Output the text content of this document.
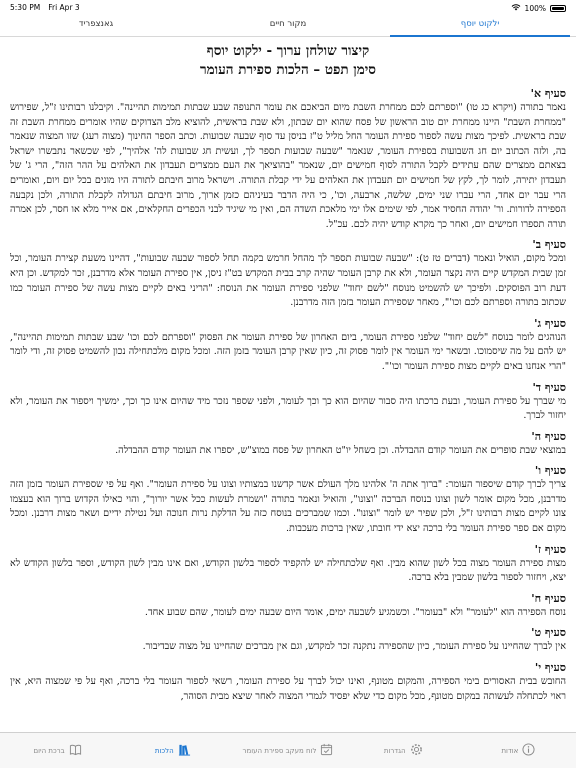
5:30 PM Fri Apr 3	100%
ילקוט יוסף
מקור חיים
גאנצפריד
קיצור שולחן ערוך - ילקוט יוסף
סימן תפט – הלכות ספירת העומר
סעיף א'
נאמר בתורה (ויקרא כג טו) "וספרתם לכם ממחרת השבת מיום הביאכם את עומר התנופה שבע שבתות תמימות תהיינה". וקיבלנו רבותינו ז"ל, שפירוש "ממחרת השבת" היינו ממחרת יום טוב הראשון של פסח שהוא יום שבתון, ולא שבת בראשית, להוציא מלב הצדוקים שהיו אומרים ממחרת השבת זה שבת בראשית. לפיכך מצות עשה לספור ספירת העומר החל מליל ט"ז בניסן עד סוף שבעה שבועות. וכתב הספר החינוך (מצוה רעג) שזו המצוה שנאמר בה, ולזה הכתוב יום חג השבועות בספירת העומר, שנאמר "שבעה שבועות תספר לך, ועשית חג שבועות לה' אלהיך", לפי שכשאר נתבשרו ישראל בצאתם ממצרים שהם עתידים לקבל התורה לסוף חמישים יום, שנאמר "בהוציאך את העם ממצרים תעבדון את האלהים על ההר הזה", הרי ג' של תעבדון יתירה, לומר לך, לקץ של חמישים יום תעבדון את האלהים על ידי קבלת התורה. וישראל מרוב חיבתם לתורה היו מונים בכל יום ויום, ואומרים הרי עבר יום אחד, הרי עברו שני ימים, שלשה, ארבעה, וכו', כי היה הדבר בעיניהם כזמן ארוך, מרוב חיבתם הגדולה לקבלת התורה, ולכן נקבעה הספירה לדורות. ור' יהודה החסיד אמר, לפי שימים אלו ימי מלאכת השדה הם, ואין מי שיגיד לבני הכפרים החקלאים, אם אייר מלא או חסר, לכן אמרה תורה תספרו חמישים יום, ואחר כך מקרא קודש יהיה לכם. עכ"ל.
סעיף ב'
ומכל מקום, הואיל ונאמר (דברים טז ט): "שבעה שבועות תספר לך מהחל חרמש בקמה תחל לספור שבעה שבועות", דהיינו משעת קצירת העומר, וכל זמן שבית המקדש קיים היה נקצר העומר, ולא את קרבן העומר שהיה קרב בבית המקדש בט"ז ניסן, אין ספירת העומר אלא מדרבנן, זכר למקדש. וכן היא דעת רוב הפוסקים. ולפיכך יש להשמיט מנוסח "לשם יחוד" שלפני ספירת העומר את הנוסח: "הריני באים לקיים מצות עשה של ספירת העומר כמו שכתוב בתורה וספרתם לכם וכו'", מאחר שספירת העומר בזמן הזה מדרבנן.
סעיף ג'
הנוהגים לומר בנוסח "לשם יחוד" שלפני ספירת העומר, ביום האחרון של ספירת העומר את הפסוק "וספרתם לכם וכו' שבע שבתות תמימות תהיינה", יש להם על מה שיסמוכו. ובשאר ימי העומר אין לומר פסוק זה, כיון שאין קרבן העומר בזמן הזה. ומכל מקום מלכתחילה נכון להשמיט פסוק זה, ודי לומר "הרי אנחנו באים לקיים מצות ספירת העומר וכו'".
סעיף ד'
מי שברך על ספירת העומר, ובעת ברכתו היה סבור שהיום הוא כך וכך לעומר, ולפני שספר נזכר מיד שהיום אינו כך וכך, ימשיך ויספור את העומר, ולא יחזור לברך.
סעיף ה'
במוצאי שבת סופרים את העומר קודם ההבדלה. וכן כשחל יו"ט האחרון של פסח במוצ"ש, יספרו את העומר קודם ההבדלה.
סעיף ו'
צריך לברך קודם שיספור העומר: "ברוך אתה ה' אלהינו מלך העולם אשר קדשנו במצותיו וצונו על ספירת העומר". ואף על פי שספירת העומר בזמן הזה מדרבנן, מכל מקום אומר לשון וצונו בנוסח הברכה "וצונו", והואיל ונאמר בתורה "ושמרת לעשות ככל אשר יורוך", והוי כאילו הקדוש ברוך הוא בעצמו צונו לקיים מצות רבותינו ז"ל, ולכן שפיר יש לומר "וצונו". וכמו שמברכים בנוסח כזה על הדלקת נרות חנוכה ועל נטילת ידיים ושאר מצות דרבנן. ומכל מקום אם ספר ספירת העומר בלי ברכה יצא ידי חובתו, שאין ברכות מעכבות.
סעיף ז'
מצות ספירת העומר מצוה בכל לשון שהוא מבין. ואף שלכתחילה יש להקפיד לספור בלשון הקודש, ואם אינו מבין לשון הקודש, וספר בלשון הקודש לא יצא, ויחזור לספור בלשון שמבין בלא ברכה.
סעיף ח'
נוסח הספירה הוא "לעומר" ולא "בעומר". וכשמגיע לשבעה ימים, אומר היום שבעה ימים לעומר, שהם שבוע אחד.
סעיף ט'
אין לברך שהחיינו על ספירת העומר, כיון שהספירה נתקנה זכר למקדש, וגם אין מברכים שהחיינו על מצוה שבדיבור.
סעיף י'
החובש בבית האסורים בימי הספירה, והמקום מטונף, ואינו יכול לברך על ספירת העומר, רשאי לספור העומר בלי ברכה, ואף על פי שמצוה היא, אין ראוי לכתחלה לעשותה במקום מטונף, מכל מקום כדי שלא יפסיד לגמרי המצוה לאחר שיצא מבית הסוהר,
אודות
הגדרות
לוח מעקב ספירת העומר
הלכות
ברכת היום
